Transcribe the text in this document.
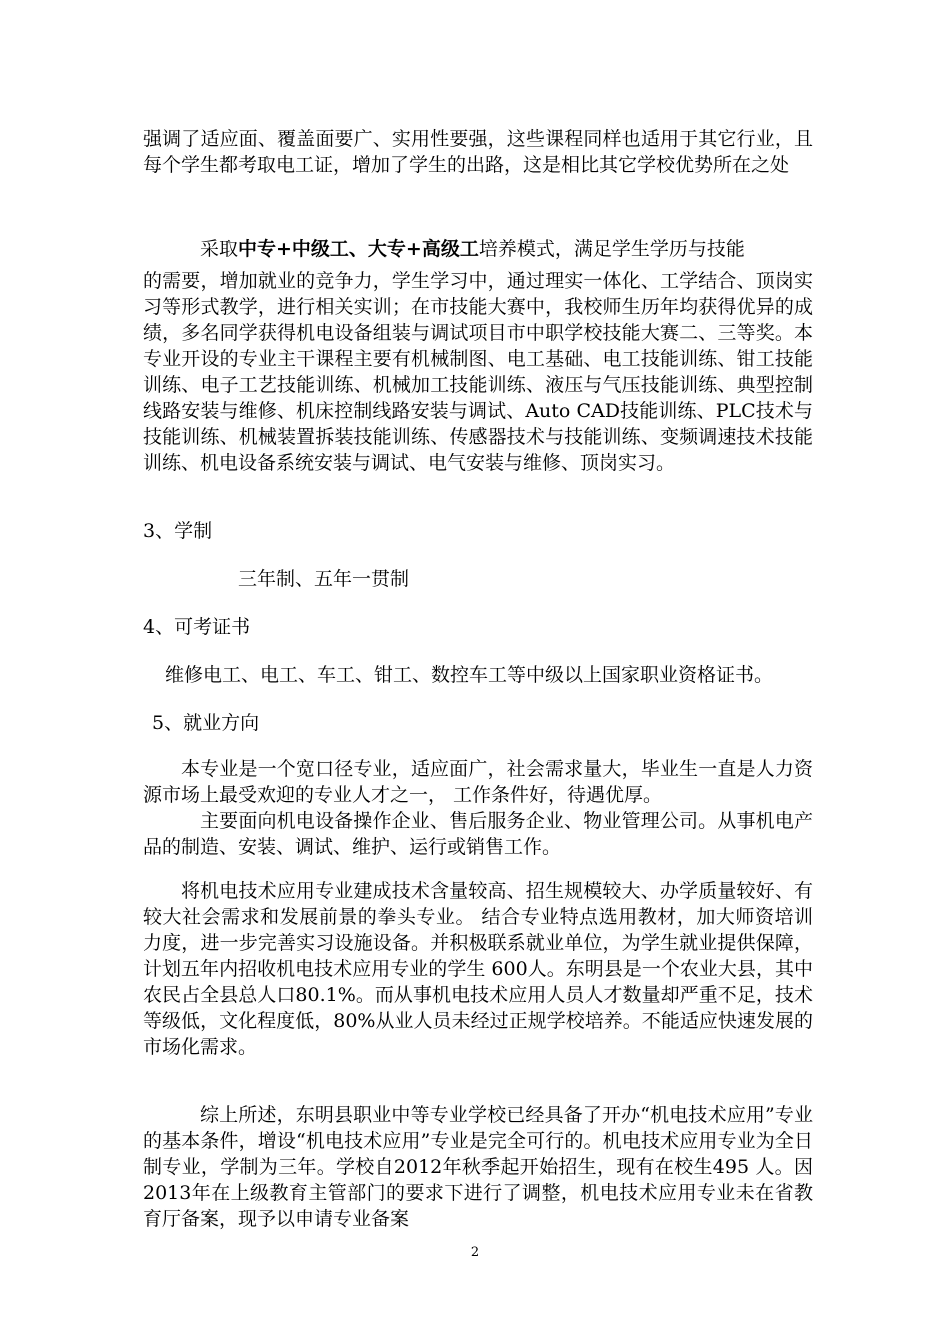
强调了适应面、覆盖面要广、实用性要强，这些课程同样也适用于其它行业，且每个学生都考取电工证，增加了学生的出路，这是相比其它学校优势所在之处

采取中专+中级工、大专+高级工培养模式，满足学生学历与技能

的需要，增加就业的竞争力，学生学习中，通过理实一体化、工学结合、顶岗实习等形式教学，进行相关实训；在市技能大赛中，我校师生历年均获得优异的成绩，多名同学获得机电设备组装与调试项目市中职学校技能大赛二、三等奖。本专业开设的专业主干课程主要有机械制图、电工基础、电工技能训练、钳工技能训练、电子工艺技能训练、机械加工技能训练、液压与气压技能训练、典型控制线路安装与维修、机床控制线路安装与调试、Auto CAD技能训练、PLC技术与技能训练、机械装置拆装技能训练、传感器技术与技能训练、变频调速技术技能训练、机电设备系统安装与调试、电气安装与维修、顶岗实习。

3、学制

三年制、五年一贯制

4、可考证书

维修电工、电工、车工、钳工、数控车工等中级以上国家职业资格证书。

5、就业方向

本专业是一个宽口径专业，适应面广，社会需求量大，毕业生一直是人力资源市场上最受欢迎的专业人才之一， 工作条件好，待遇优厚。

主要面向机电设备操作企业、售后服务企业、物业管理公司。从事机电产品的制造、安装、调试、维护、运行或销售工作。

将机电技术应用专业建成技术含量较高、招生规模较大、办学质量较好、有较大社会需求和发展前景的拳头专业。 结合专业特点选用教材，加大师资培训力度，进一步完善实习设施设备。并积极联系就业单位，为学生就业提供保障，计划五年内招收机电技术应用专业的学生 600人。东明县是一个农业大县，其中农民占全县总人口80.1%。而从事机电技术应用人员人才数量却严重不足，技术等级低，文化程度低，80%从业人员未经过正规学校培养。不能适应快速发展的市场化需求。

综上所述，东明县职业中等专业学校已经具备了开办“机电技术应用”专业的基本条件，增设“机电技术应用”专业是完全可行的。机电技术应用专业为全日制专业，学制为三年。学校自2012年秋季起开始招生，现有在校生495 人。因2013年在上级教育主管部门的要求下进行了调整，机电技术应用专业未在省教育厅备案，现予以申请专业备案

2
